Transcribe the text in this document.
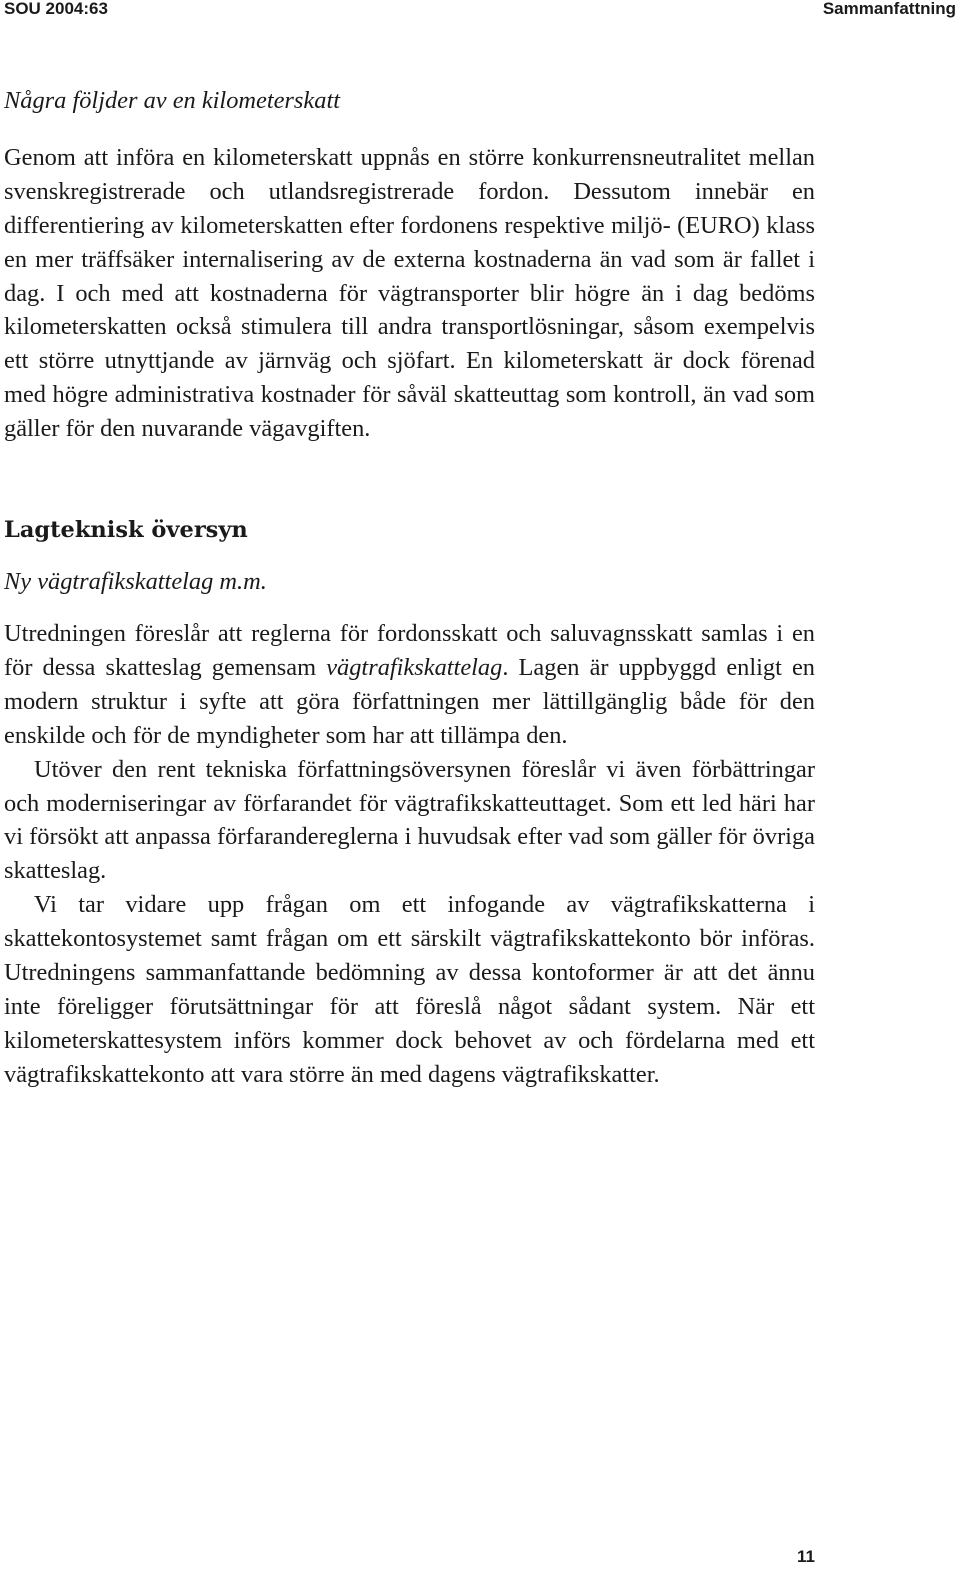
SOU 2004:63	Sammanfattning
Några följder av en kilometerskatt

Genom att införa en kilometerskatt uppnås en större konkurrensneutralitet mellan svenskregistrerade och utlandsregistrerade fordon. Dessutom innebär en differentiering av kilometerskatten efter fordonens respektive miljö- (EURO) klass en mer träffsäker internalisering av de externa kostnaderna än vad som är fallet i dag. I och med att kostnaderna för vägtransporter blir högre än i dag bedöms kilometerskatten också stimulera till andra transportlösningar, såsom exempelvis ett större utnyttjande av järnväg och sjöfart. En kilometerskatt är dock förenad med högre administrativa kostnader för såväl skatteuttag som kontroll, än vad som gäller för den nuvarande vägavgiften.

Lagteknisk översyn
Ny vägtrafikskattelag m.m.

Utredningen föreslår att reglerna för fordonsskatt och saluvagnsskatt samlas i en för dessa skatteslag gemensam vägtrafikskattelag. Lagen är uppbyggd enligt en modern struktur i syfte att göra författningen mer lättillgänglig både för den enskilde och för de myndigheter som har att tillämpa den.

Utöver den rent tekniska författningsöversynen föreslår vi även förbättringar och moderniseringar av förfarandet för vägtrafikskatteuttaget. Som ett led häri har vi försökt att anpassa förfarandereglerna i huvudsak efter vad som gäller för övriga skatteslag.

Vi tar vidare upp frågan om ett infogande av vägtrafikskatterna i skattekontosystemet samt frågan om ett särskilt vägtrafikskattekonto bör införas. Utredningens sammanfattande bedömning av dessa kontoformer är att det ännu inte föreligger förutsättningar för att föreslå något sådant system. När ett kilometerskattesystem införs kommer dock behovet av och fördelarna med ett vägtrafikskattekonto att vara större än med dagens vägtrafikskatter.

11
